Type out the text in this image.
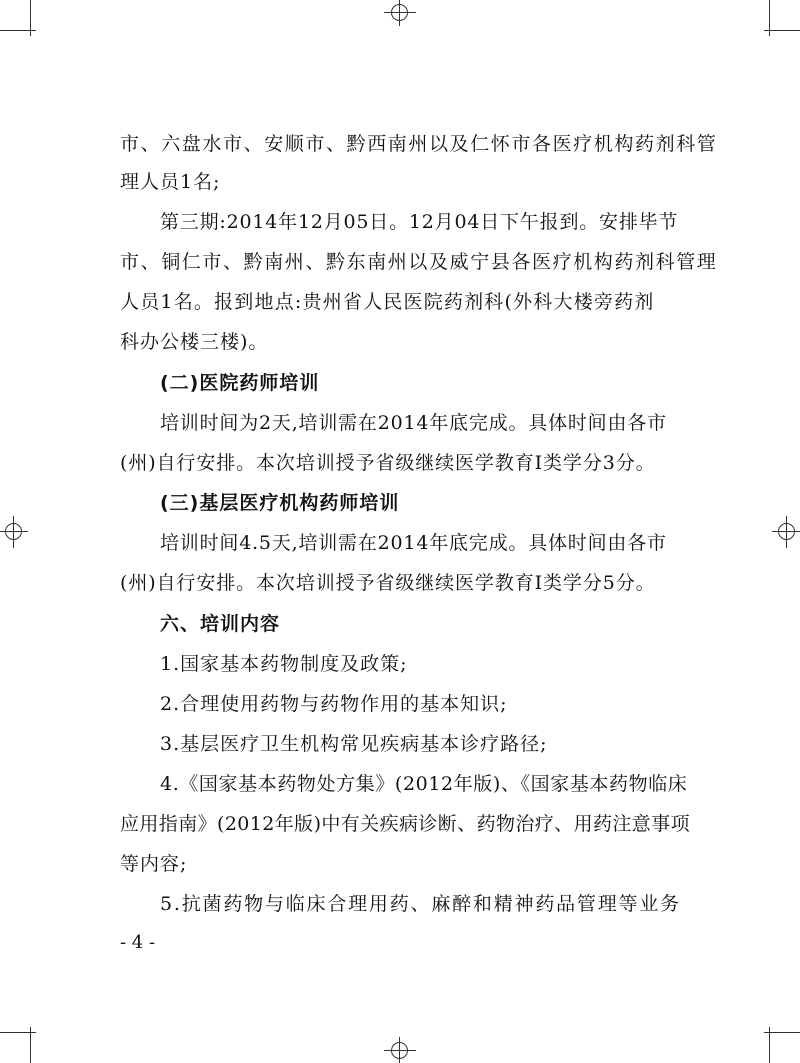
市、六盘水市、安顺市、黔西南州以及仁怀市各医疗机构药剂科管
理人员1名;
第三期:2014年12月05日。12月04日下午报到。安排毕节
市、铜仁市、黔南州、黔东南州以及威宁县各医疗机构药剂科管理
人员1名。报到地点:贵州省人民医院药剂科(外科大楼旁药剂
科办公楼三楼)。
(二)医院药师培训
培训时间为2天,培训需在2014年底完成。具体时间由各市
(州)自行安排。本次培训授予省级继续医学教育Ⅰ类学分3分。
(三)基层医疗机构药师培训
培训时间4.5天,培训需在2014年底完成。具体时间由各市
(州)自行安排。本次培训授予省级继续医学教育Ⅰ类学分5分。
六、培训内容
1.国家基本药物制度及政策;
2.合理使用药物与药物作用的基本知识;
3.基层医疗卫生机构常见疾病基本诊疗路径;
4.《国家基本药物处方集》(2012年版)、《国家基本药物临床
应用指南》(2012年版)中有关疾病诊断、药物治疗、用药注意事项
等内容;
5.抗菌药物与临床合理用药、麻醉和精神药品管理等业务
- 4 -
